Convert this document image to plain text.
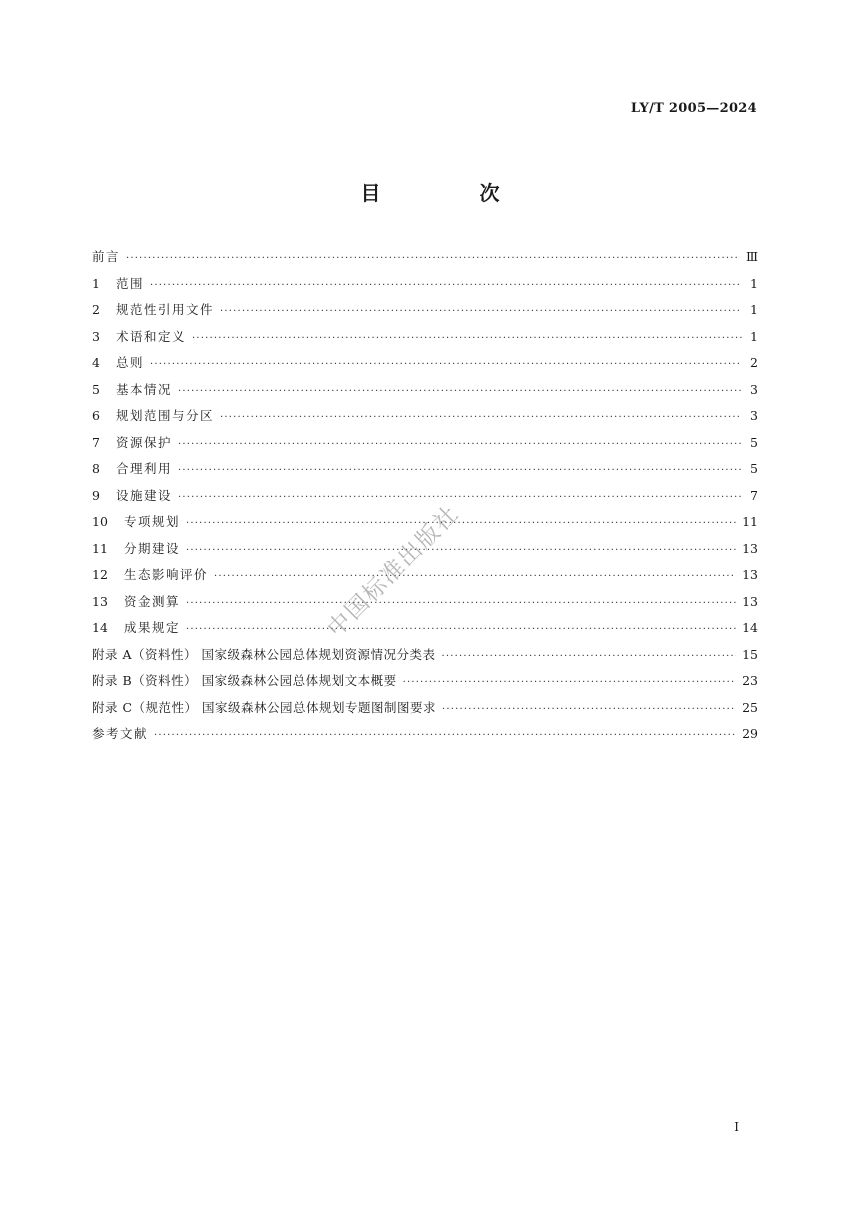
LY/T 2005—2024
目 次
前言 ·····	Ⅲ
1	范围 ·····	1
2	规范性引用文件 ·····	1
3	术语和定义 ·····	1
4	总则 ·····	2
5	基本情况 ·····	3
6	规划范围与分区 ·····	3
7	资源保护 ·····	5
8	合理利用 ·····	5
9	设施建设 ·····	7
10	专项规划 ·····	11
11	分期建设 ·····	13
12	生态影响评价 ·····	13
13	资金测算 ·····	13
14	成果规定 ·····	14
附录 A（资料性） 国家级森林公园总体规划资源情况分类表 ·····	15
附录 B（资料性） 国家级森林公园总体规划文本概要 ·····	23
附录 C（规范性） 国家级森林公园总体规划专题图制图要求 ·····	25
参考文献 ·····	29
中国标准出版社
I
